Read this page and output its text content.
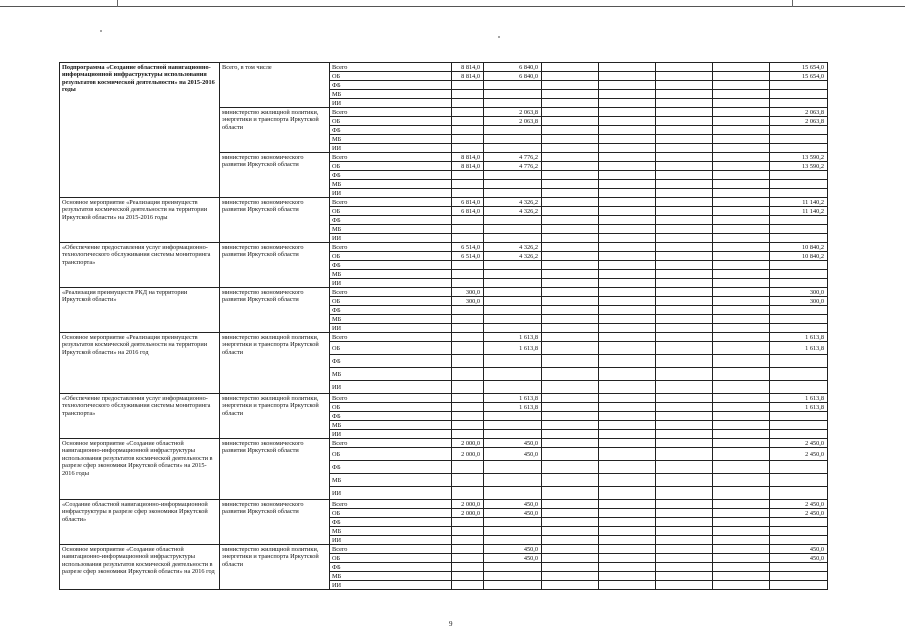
Подпрограмма «Создание областной навигационно-информационной инфраструктуры использования результатов космической деятельности» на 2015-2016 годы	Всего, в том числе	Всего	8 814,0	6 840,0					15 654,0
		ОБ	8 814,0	6 840,0					15 654,0
		ФБ							
		МБ							
		ИИ							
	министерство жилищной политики, энергетики и транспорта Иркутской области	Всего		2 063,8					2 063,8
		ОБ		2 063,8					2 063,8
		ФБ							
		МБ							
		ИИ							
	министерство экономического развития Иркутской области	Всего	8 814,0	4 776,2					13 590,2
		ОБ	8 814,0	4 776,2					13 590,2
		ФБ							
		МБ							
		ИИ							
Основное мероприятие «Реализация преимуществ результатов космической деятельности на территории Иркутской области» на 2015-2016 годы	министерство экономического развития Иркутской области	Всего	6 814,0	4 326,2					11 140,2
		ОБ	6 814,0	4 326,2					11 140,2
		ФБ							
		МБ							
		ИИ							
«Обеспечение предоставления услуг информационно-технологического обслуживания системы мониторинга транспорта»	министерство экономического развития Иркутской области	Всего	6 514,0	4 326,2					10 840,2
		ОБ	6 514,0	4 326,2					10 840,2
		ФБ							
		МБ							
		ИИ							
«Реализация преимуществ РКД на территории Иркутской области»	министерство экономического развития Иркутской области	Всего	300,0						300,0
		ОБ	300,0						300,0
		ФБ							
		МБ							
		ИИ							
Основное мероприятие «Реализация преимуществ результатов космической деятельности на территории Иркутской области» на 2016 год	министерство жилищной политики, энергетики и транспорта Иркутской области	Всего		1 613,8					1 613,8
		ОБ		1 613,8					1 613,8
		ФБ							
		МБ							
		ИИ							
«Обеспечение предоставления услуг информационно-технологического обслуживания системы мониторинга транспорта»	министерство жилищной политики, энергетики и транспорта Иркутской области	Всего		1 613,8					1 613,8
		ОБ		1 613,8					1 613,8
		ФБ							
		МБ							
		ИИ							
Основное мероприятие «Создание областной навигационно-информационной инфраструктуры использования результатов космической деятельности в разрезе сфер экономики Иркутской области» на 2015-2016 годы	министерство экономического развития Иркутской области	Всего	2 000,0	450,0					2 450,0
		ОБ	2 000,0	450,0					2 450,0
		ФБ							
		МБ							
		ИИ							
«Создание областной навигационно-информационной инфраструктуры в разрезе сфер экономики Иркутской области»	министерство экономического развития Иркутской области	Всего	2 000,0	450,0					2 450,0
		ОБ	2 000,0	450,0					2 450,0
		ФБ							
		МБ							
		ИИ							
Основное мероприятие «Создание областной навигационно-информационной инфраструктуры использования результатов космической деятельности в разрезе сфер экономики Иркутской области» на 2016 год	министерство жилищной политики, энергетики и транспорта Иркутской области	Всего		450,0					450,0
		ОБ		450,0					450,0
		ФБ							
		МБ							
		ИИ							
9
